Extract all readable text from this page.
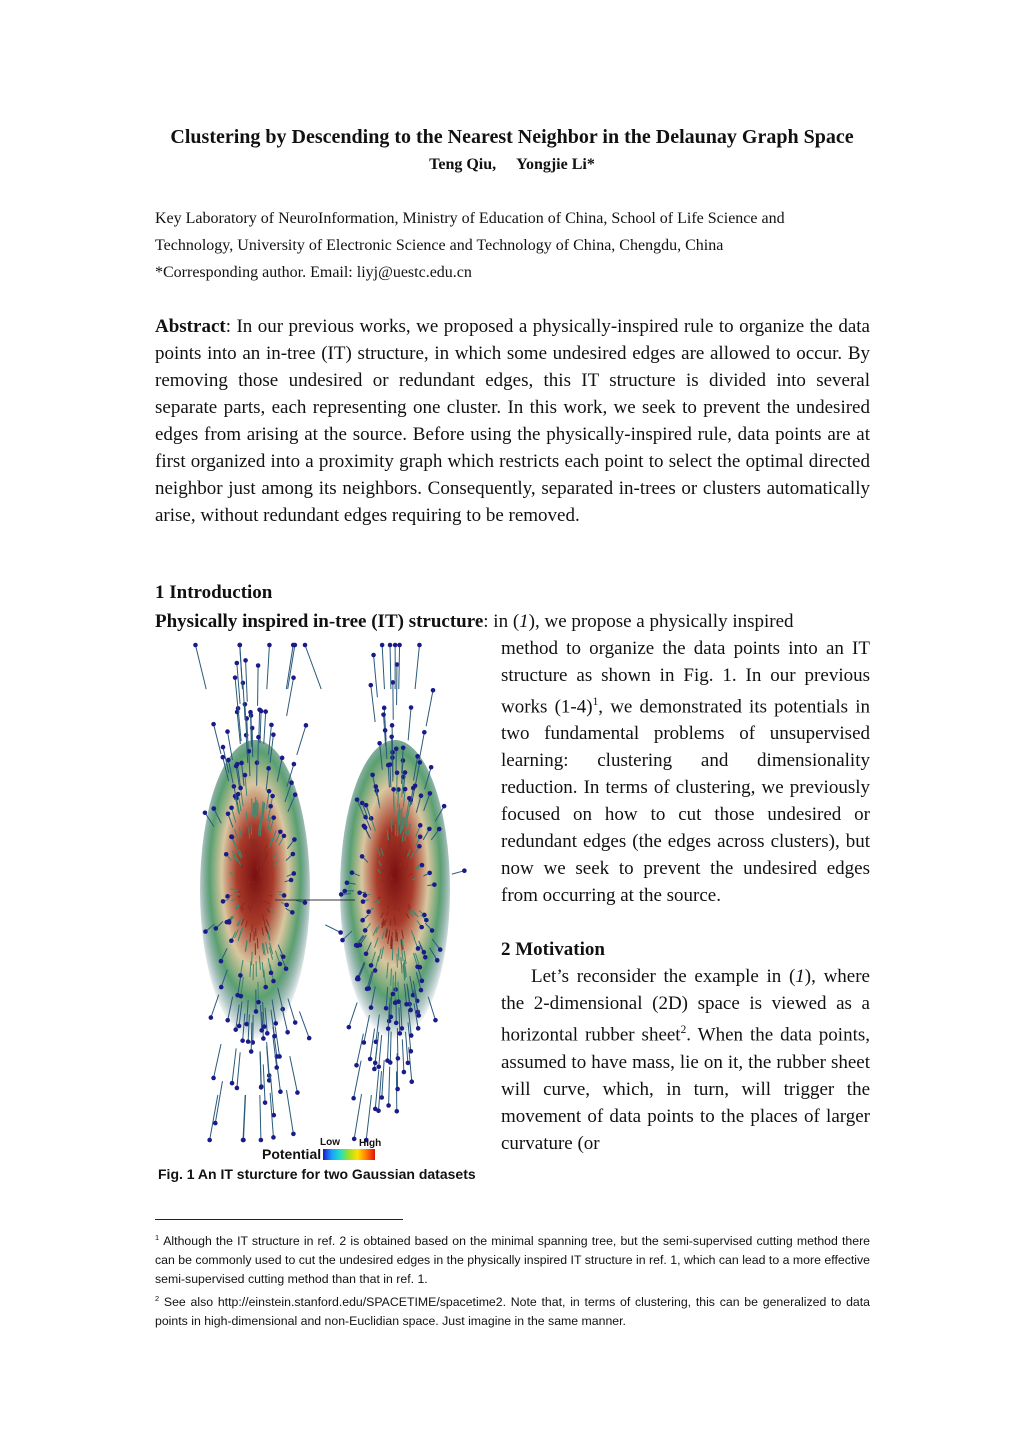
Clustering by Descending to the Nearest Neighbor in the Delaunay Graph Space
Teng Qiu, Yongjie Li*
Key Laboratory of NeuroInformation, Ministry of Education of China, School of Life Science and
Technology, University of Electronic Science and Technology of China, Chengdu, China
*Corresponding author. Email: liyj@uestc.edu.cn
Abstract: In our previous works, we proposed a physically-inspired rule to organize the data points into an in-tree (IT) structure, in which some undesired edges are allowed to occur. By removing those undesired or redundant edges, this IT structure is divided into several separate parts, each representing one cluster. In this work, we seek to prevent the undesired edges from arising at the source. Before using the physically-inspired rule, data points are at first organized into a proximity graph which restricts each point to select the optimal directed neighbor just among its neighbors. Consequently, separated in-trees or clusters automatically arise, without redundant edges requiring to be removed.
1 Introduction
Physically inspired in-tree (IT) structure: in (1), we propose a physically inspired

method to organize the data points into an IT structure as shown in Fig. 1. In our previous works $(1-4)^1$, we demonstrated its potentials in two fundamental problems of unsupervised learning: clustering and dimensionality reduction. In terms of clustering, we previously focused on how to cut those undesired or redundant edges (the edges across clusters), but now we seek to prevent the undesired edges from occurring at the source.

2 Motivation

Let’s reconsider the example in (1), where the 2-dimensional (2D) space is viewed as a horizontal rubber sheet$^2$. When the data points, assumed to have mass, lie on it, the rubber sheet will curve, which, in turn, will trigger the movement of data points to the places of larger curvature (or

Potential
Low High
Fig. 1 An IT sturcture for two Gaussian datasets

$^1$ Although the IT structure in ref. 2 is obtained based on the minimal spanning tree, but the semi-supervised cutting method there can be commonly used to cut the undesired edges in the physically inspired IT structure in ref. 1, which can lead to a more effective semi-supervised cutting method than that in ref. 1.

$^2$ See also http://einstein.stanford.edu/SPACETIME/spacetime2. Note that, in terms of clustering, this can be generalized to data points in high-dimensional and non-Euclidian space. Just imagine in the same manner.
